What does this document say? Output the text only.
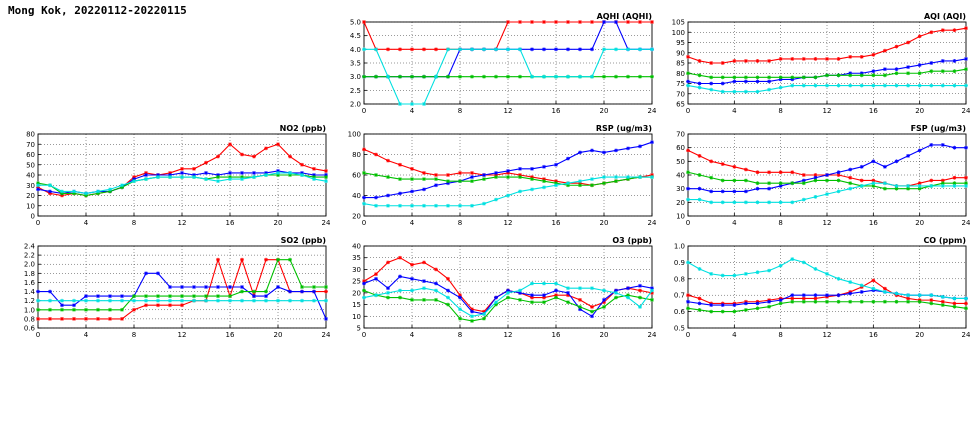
Mong Kok, 20220112-20220115
2.0
2.5
3.0
3.5
4.0
4.5
5.0
0	4	8	12	16	20	24
AQHI (AQHI)
65
70
75
80
85
90
95
100
105
0	4	8	12	16	20	24
AQI (AQI)
0
10
20
30
40
50
60
70
80
0	4	8	12	16	20	24
NO2 (ppb)
20
40
60
80
100
0	4	8	12	16	20	24
RSP (ug/m3)
10
20
30
40
50
60
70
0	4	8	12	16	20	24
FSP (ug/m3)
0.6
0.8
1.0
1.2
1.4
1.6
1.8
2.0
2.2
2.4
0	4	8	12	16	20	24
SO2 (ppb)
5
10
15
20
25
30
35
40
0	4	8	12	16	20	24
O3 (ppb)
0.5
0.6
0.7
0.8
0.9
1.0
0	4	8	12	16	20	24
CO (ppm)
